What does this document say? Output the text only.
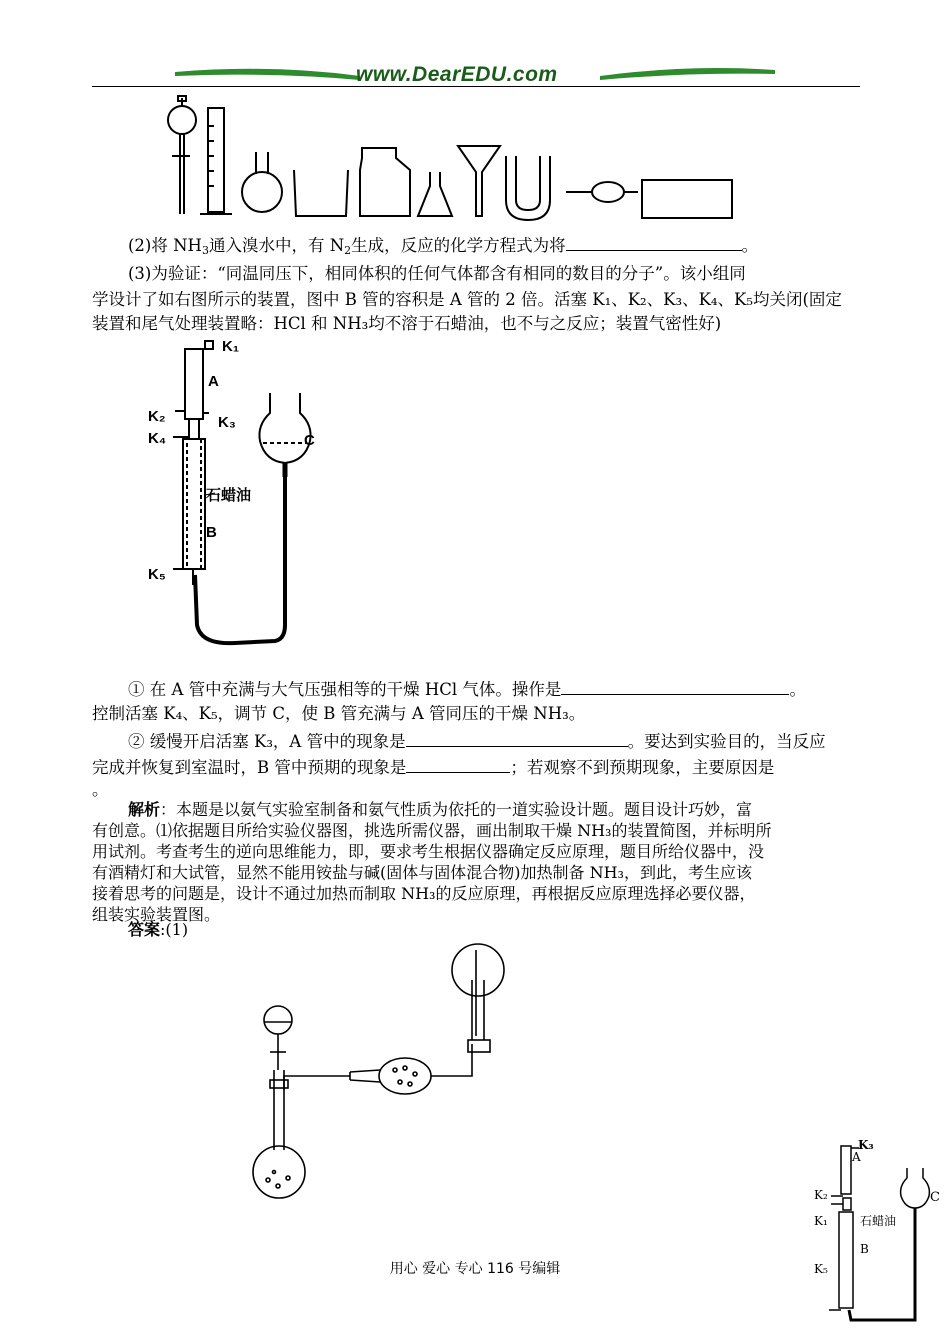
www.DearEDU.com
(2)将 $NH_3$通入溴水中，有 $N_2$生成，反应的化学方程式为将	。
(3)为验证：“同温同压下，相同体积的任何气体都含有相同的数目的分子”。该小组同
学设计了如右图所示的装置，图中 B 管的容积是 A 管的 2 倍。活塞 K₁、K₂、K₃、K₄、K₅均关闭(固定
装置和尾气处理装置略：HCl 和 NH₃均不溶于石蜡油，也不与之反应；装置气密性好)
K₁
A
K₂	K₃
K₄	C
石蜡油
B
K₅
① 在 A 管中充满与大气压强相等的干燥 HCl 气体。操作是	。
控制活塞 K₄、K₅，调节 C，使 B 管充满与 A 管同压的干燥 NH₃。
② 缓慢开启活塞 K₃，A 管中的现象是	。要达到实验目的，当反应
完成并恢复到室温时，B 管中预期的现象是	；若观察不到预期现象，主要原因是
。
解析：本题是以氨气实验室制备和氨气性质为依托的一道实验设计题。题目设计巧妙，富
有创意。⑴依据题目所给实验仪器图，挑选所需仪器，画出制取干燥 NH₃的装置简图，并标明所
用试剂。考查考生的逆向思维能力，即，要求考生根据仪器确定反应原理，题目所给仪器中，没
有酒精灯和大试管，显然不能用铵盐与碱(固体与固体混合物)加热制备 NH₃，到此，考生应该
接着思考的问题是，设计不通过加热而制取 NH₃的反应原理，再根据反应原理选择必要仪器，
组装实验装置图。
答案:(1)
K₃
A
K₂
K₁
C
石蜡油
B
K₅
用心 爱心 专心 116 号编辑
